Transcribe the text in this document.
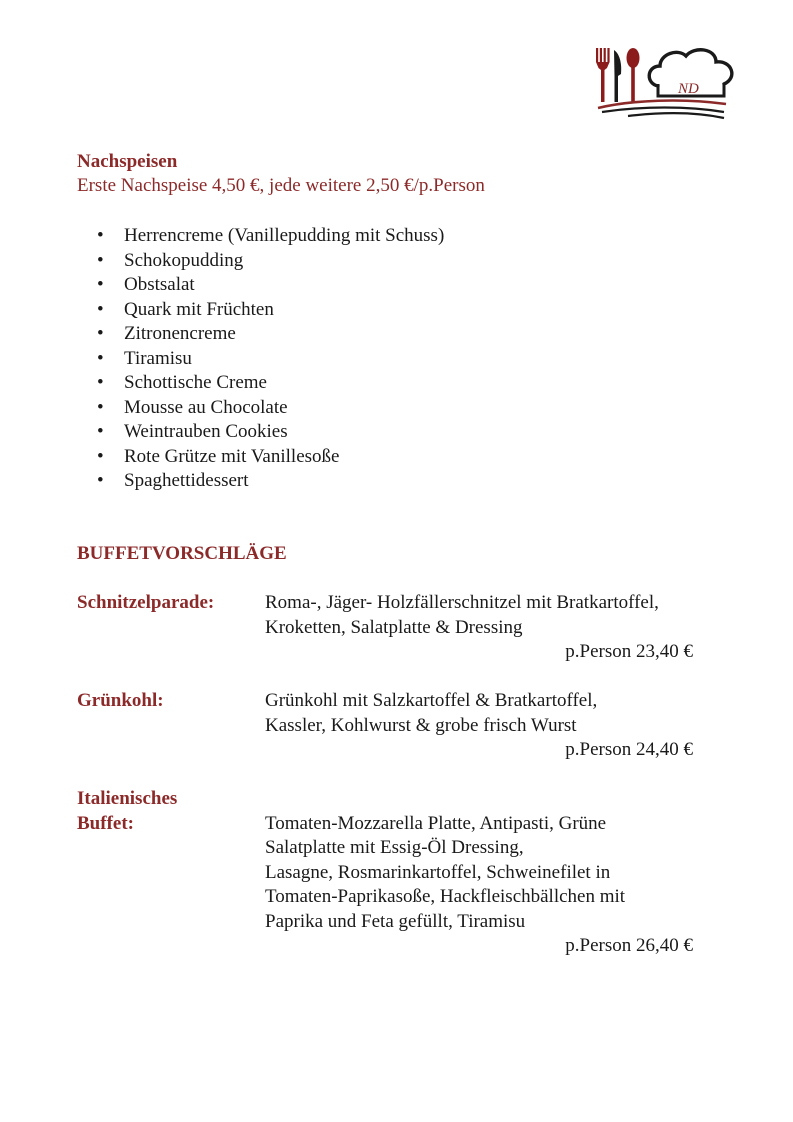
ND
Nachspeisen
Erste Nachspeise 4,50 €, jede weitere 2,50 €/p.Person
• Herrencreme (Vanillepudding mit Schuss)
• Schokopudding
• Obstsalat
• Quark mit Früchten
• Zitronencreme
• Tiramisu
• Schottische Creme
• Mousse au Chocolate
• Weintrauben Cookies
• Rote Grütze mit Vanillesoße
• Spaghettidessert
BUFFETVORSCHLÄGE
Schnitzelparade:	Roma-, Jäger- Holzfällerschnitzel mit Bratkartoffel,
Kroketten, Salatplatte & Dressing
p.Person 23,40 €
Grünkohl:	Grünkohl mit Salzkartoffel & Bratkartoffel,
Kassler, Kohlwurst & grobe frisch Wurst
p.Person 24,40 €
Italienisches
Buffet:	Tomaten-Mozzarella Platte, Antipasti, Grüne
Salatplatte mit Essig-Öl Dressing,
Lasagne, Rosmarinkartoffel, Schweinefilet in
Tomaten-Paprikasoße, Hackfleischbällchen mit
Paprika und Feta gefüllt, Tiramisu
p.Person 26,40 €
